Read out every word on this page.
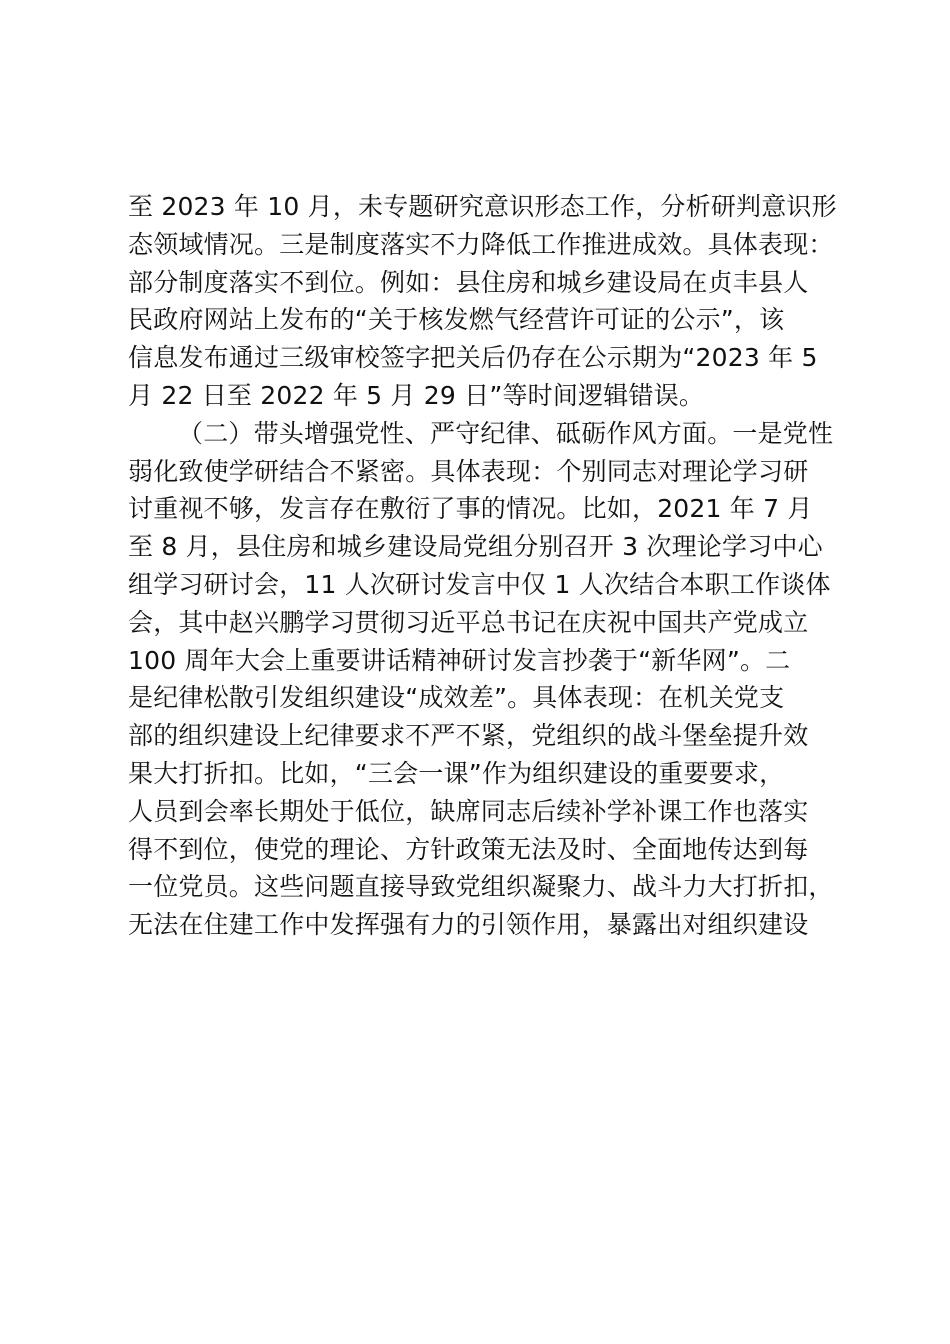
至 2023 年 10 月，未专题研究意识形态工作，分析研判意识形
态领域情况。三是制度落实不力降低工作推进成效。具体表现：
部分制度落实不到位。例如：县住房和城乡建设局在贞丰县人
民政府网站上发布的“关于核发燃气经营许可证的公示”，该
信息发布通过三级审校签字把关后仍存在公示期为“2023 年 5
月 22 日至 2022 年 5 月 29 日”等时间逻辑错误。
（二）带头增强党性、严守纪律、砥砺作风方面。一是党性
弱化致使学研结合不紧密。具体表现：个别同志对理论学习研
讨重视不够，发言存在敷衍了事的情况。比如，2021 年 7 月
至 8 月，县住房和城乡建设局党组分别召开 3 次理论学习中心
组学习研讨会，11 人次研讨发言中仅 1 人次结合本职工作谈体
会，其中赵兴鹏学习贯彻习近平总书记在庆祝中国共产党成立
100 周年大会上重要讲话精神研讨发言抄袭于“新华网”。二
是纪律松散引发组织建设“成效差”。具体表现：在机关党支
部的组织建设上纪律要求不严不紧，党组织的战斗堡垒提升效
果大打折扣。比如，“三会一课”作为组织建设的重要要求，
人员到会率长期处于低位，缺席同志后续补学补课工作也落实
得不到位，使党的理论、方针政策无法及时、全面地传达到每
一位党员。这些问题直接导致党组织凝聚力、战斗力大打折扣，
无法在住建工作中发挥强有力的引领作用，暴露出对组织建设
